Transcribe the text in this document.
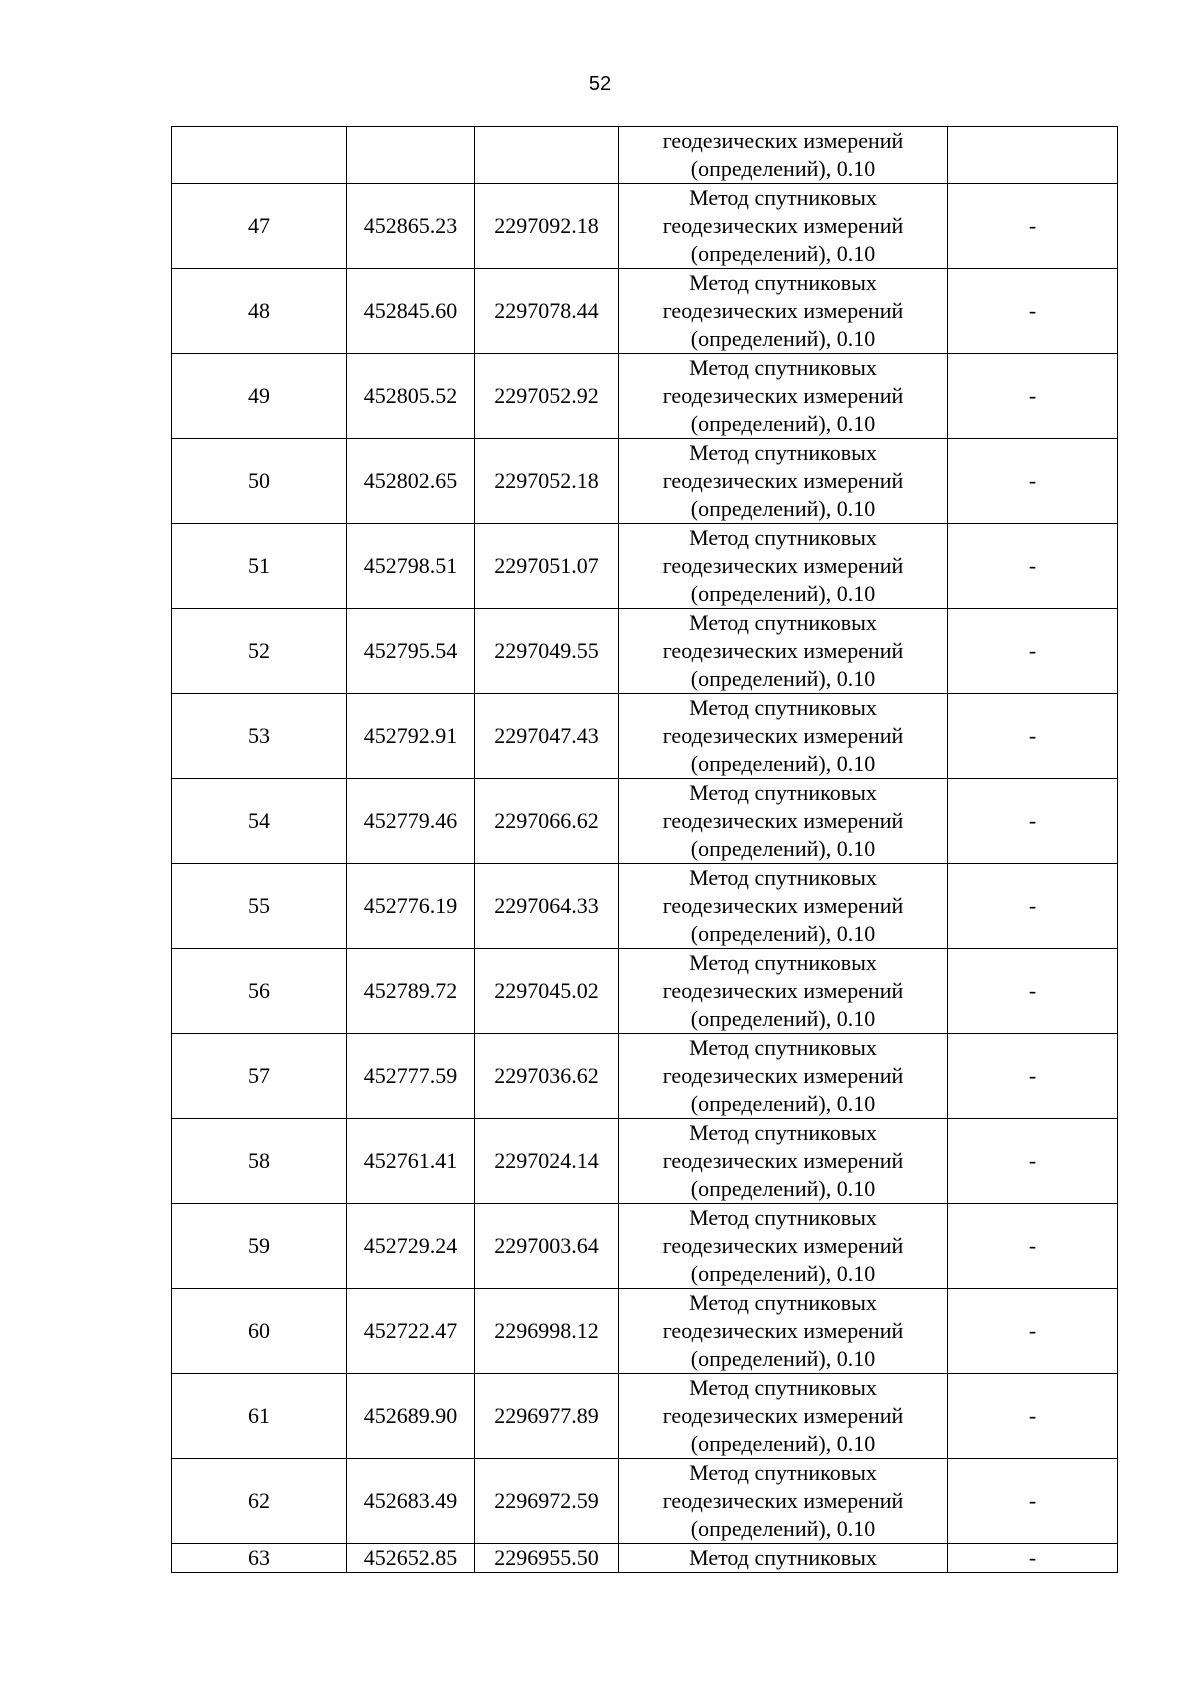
52

			геодезических измерений
(определений), 0.10	

47	452865.23	2297092.18	Метод спутниковых
геодезических измерений
(определений), 0.10	-
48	452845.60	2297078.44	Метод спутниковых
геодезических измерений
(определений), 0.10	-
49	452805.52	2297052.92	Метод спутниковых
геодезических измерений
(определений), 0.10	-
50	452802.65	2297052.18	Метод спутниковых
геодезических измерений
(определений), 0.10	-
51	452798.51	2297051.07	Метод спутниковых
геодезических измерений
(определений), 0.10	-
52	452795.54	2297049.55	Метод спутниковых
геодезических измерений
(определений), 0.10	-
53	452792.91	2297047.43	Метод спутниковых
геодезических измерений
(определений), 0.10	-
54	452779.46	2297066.62	Метод спутниковых
геодезических измерений
(определений), 0.10	-
55	452776.19	2297064.33	Метод спутниковых
геодезических измерений
(определений), 0.10	-
56	452789.72	2297045.02	Метод спутниковых
геодезических измерений
(определений), 0.10	-
57	452777.59	2297036.62	Метод спутниковых
геодезических измерений
(определений), 0.10	-
58	452761.41	2297024.14	Метод спутниковых
геодезических измерений
(определений), 0.10	-
59	452729.24	2297003.64	Метод спутниковых
геодезических измерений
(определений), 0.10	-
60	452722.47	2296998.12	Метод спутниковых
геодезических измерений
(определений), 0.10	-
61	452689.90	2296977.89	Метод спутниковых
геодезических измерений
(определений), 0.10	-
62	452683.49	2296972.59	Метод спутниковых
геодезических измерений
(определений), 0.10	-
63	452652.85	2296955.50	Метод спутниковых	-
